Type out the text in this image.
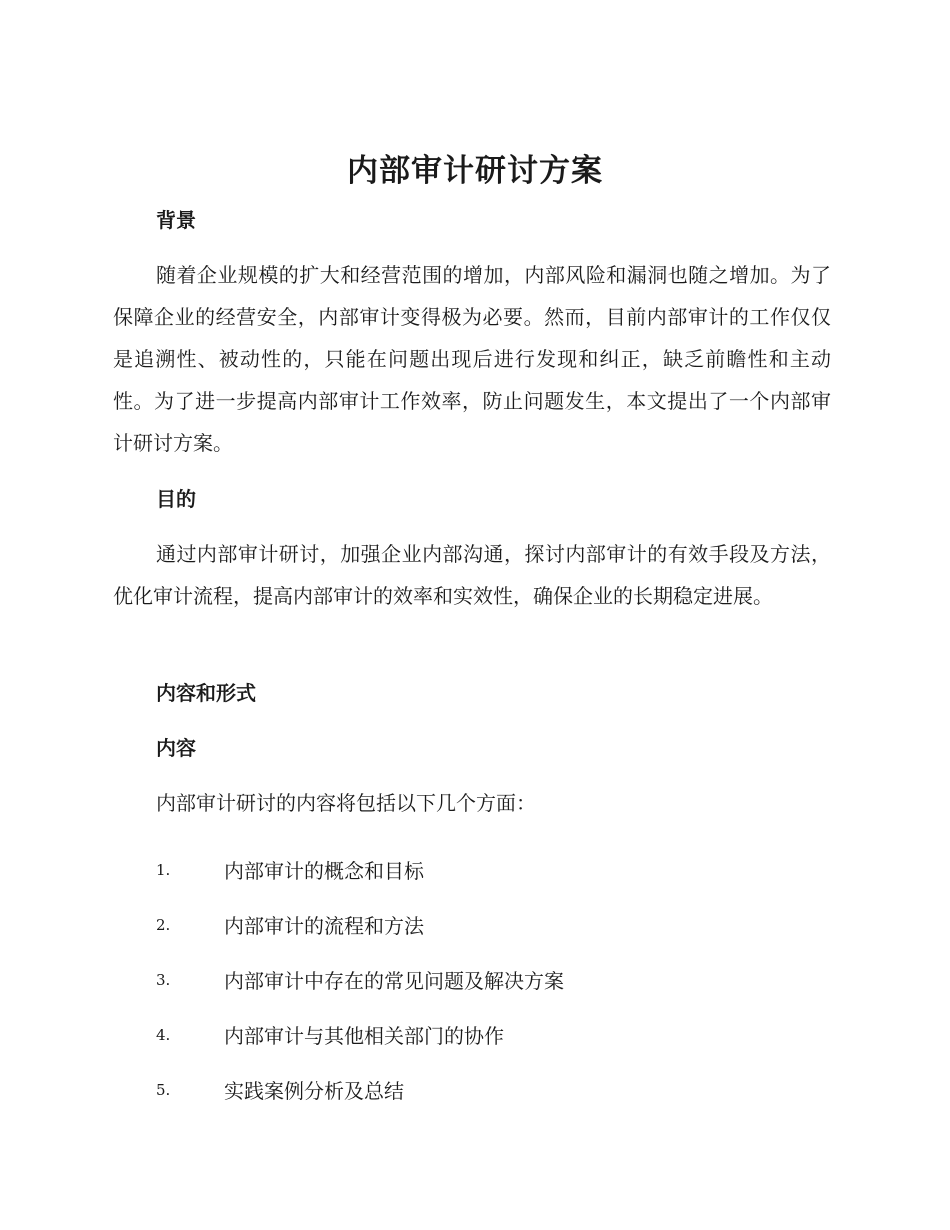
内部审计研讨方案
背景

随着企业规模的扩大和经营范围的增加，内部风险和漏洞也随之增加。为了保障企业的经营安全，内部审计变得极为必要。然而，目前内部审计的工作仅仅是追溯性、被动性的，只能在问题出现后进行发现和纠正，缺乏前瞻性和主动性。为了进一步提高内部审计工作效率，防止问题发生，本文提出了一个内部审计研讨方案。

目的

通过内部审计研讨，加强企业内部沟通，探讨内部审计的有效手段及方法，优化审计流程，提高内部审计的效率和实效性，确保企业的长期稳定进展。

内容和形式
内容
内部审计研讨的内容将包括以下几个方面：
1.	内部审计的概念和目标
2.	内部审计的流程和方法
3.	内部审计中存在的常见问题及解决方案
4.	内部审计与其他相关部门的协作
5.	实践案例分析及总结
